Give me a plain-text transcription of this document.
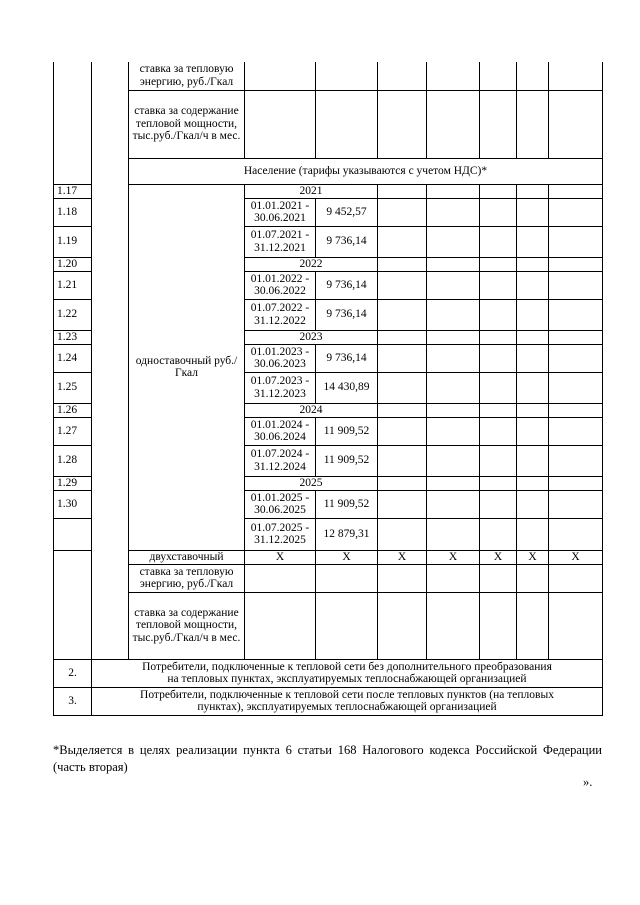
		ставка за тепловую энергию, руб./Гкал							
		ставка за содержание тепловой мощности, тыс.руб./Гкал/ч в мес.							
		Население (тарифы указываются с учетом НДС)*							
1.17		одноставочный руб./Гкал	2021						
1.18			01.01.2021 - 30.06.2021	9 452,57					
1.19			01.07.2021 - 31.12.2021	9 736,14					
1.20			2022						
1.21			01.01.2022 - 30.06.2022	9 736,14					
1.22			01.07.2022 - 31.12.2022	9 736,14					
1.23			2023						
1.24			01.01.2023 - 30.06.2023	9 736,14					
1.25			01.07.2023 - 31.12.2023	14 430,89					
1.26			2024						
1.27			01.01.2024 - 30.06.2024	11 909,52					
1.28			01.07.2024 - 31.12.2024	11 909,52					
1.29			2025						
1.30			01.01.2025 - 30.06.2025	11 909,52					
			01.07.2025 - 31.12.2025	12 879,31					
		двухставочный	X	X	X	X	X	X	X
		ставка за тепловую энергию, руб./Гкал							
		ставка за содержание тепловой мощности, тыс.руб./Гкал/ч в мес.							
2.	Потребители, подключенные к тепловой сети без дополнительного преобразования
на тепловых пунктах, эксплуатируемых теплоснабжающей организацией								

3.	Потребители, подключенные к тепловой сети после тепловых пунктов (на тепловых
пунктах), эксплуатируемых теплоснабжающей организацией								

*Выделяется в целях реализации пункта 6 статьи 168 Налогового кодекса Российской Федерации (часть вторая)

».
